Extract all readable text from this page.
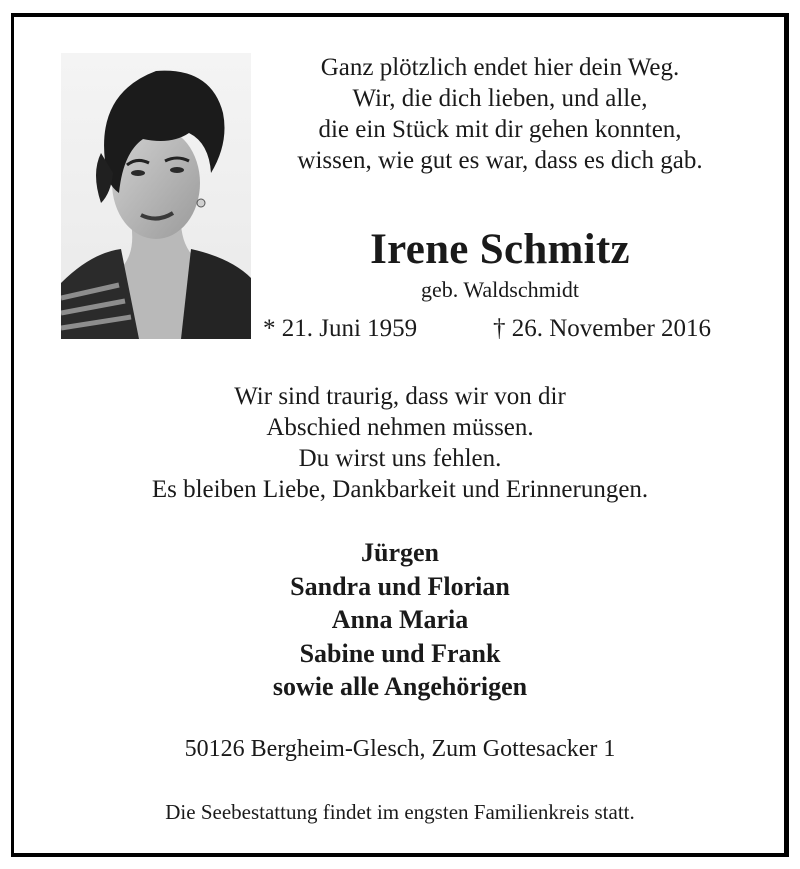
Ganz plötzlich endet hier dein Weg.
Wir, die dich lieben, und alle,
die ein Stück mit dir gehen konnten,
wissen, wie gut es war, dass es dich gab.
Irene Schmitz
geb. Waldschmidt
* 21. Juni 1959	† 26. November 2016
Wir sind traurig, dass wir von dir
Abschied nehmen müssen.
Du wirst uns fehlen.
Es bleiben Liebe, Dankbarkeit und Erinnerungen.
Jürgen
Sandra und Florian
Anna Maria
Sabine und Frank
sowie alle Angehörigen
50126 Bergheim-Glesch, Zum Gottesacker 1
Die Seebestattung findet im engsten Familienkreis statt.
